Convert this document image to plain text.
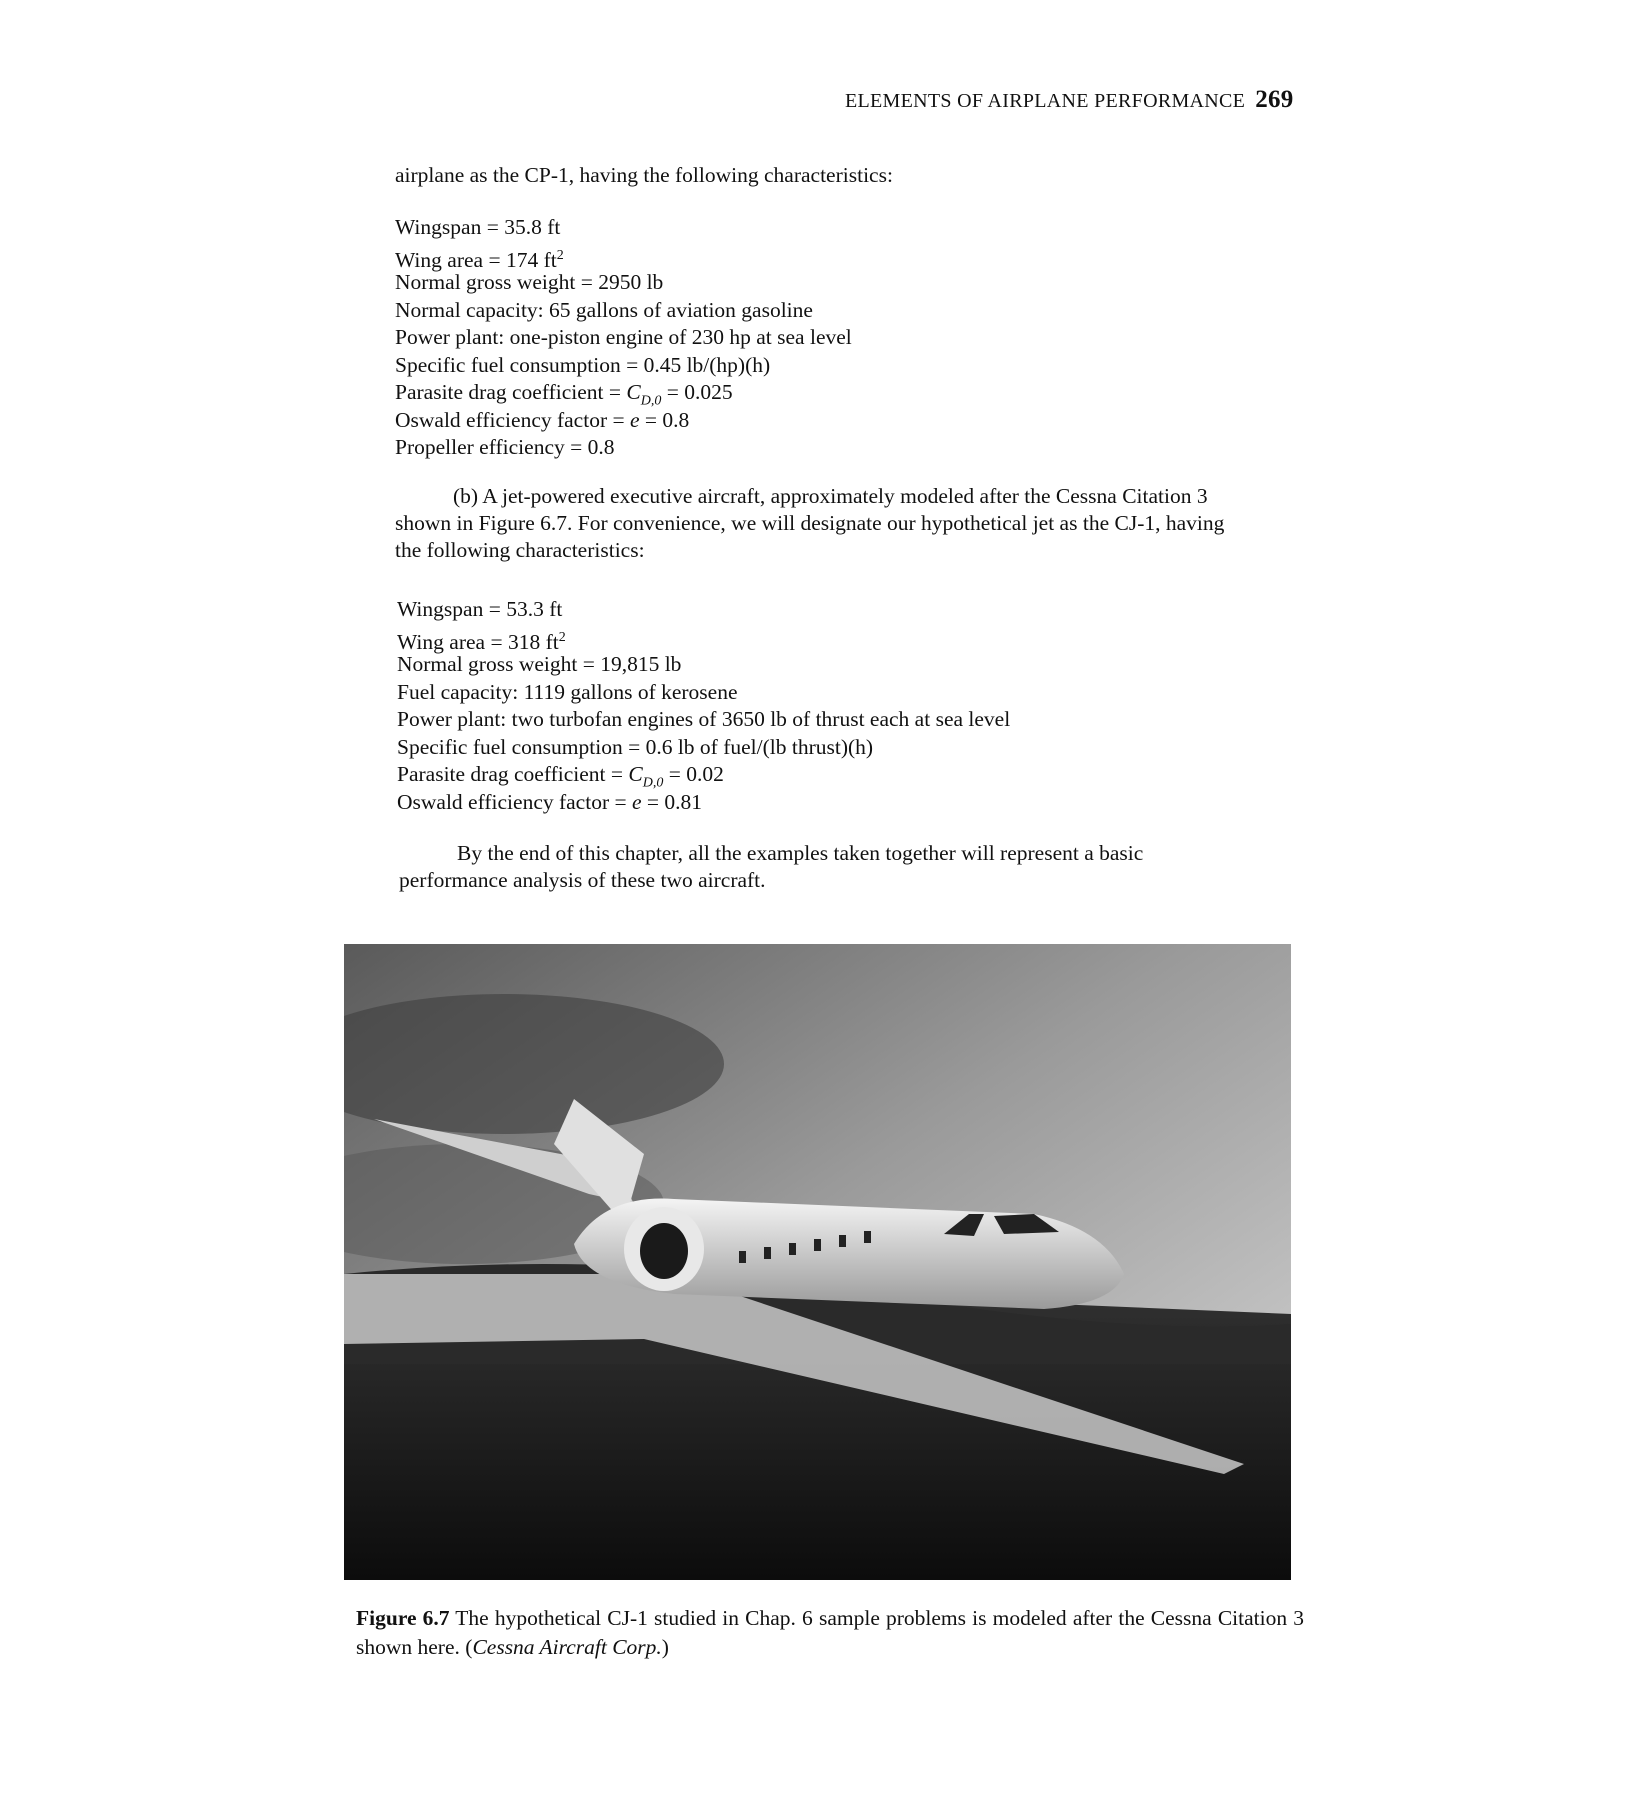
ELEMENTS OF AIRPLANE PERFORMANCE 269
airplane as the CP-1, having the following characteristics:
Wingspan = 35.8 ft
Wing area = 174 $ft^2$
Normal gross weight = 2950 lb
Normal capacity: 65 gallons of aviation gasoline
Power plant: one-piston engine of 230 hp at sea level
Specific fuel consumption = 0.45 lb/(hp)(h)
Parasite drag coefficient = $C_{D,0} = 0.025$
Oswald efficiency factor = e = 0.8
Propeller efficiency = 0.8
(b) A jet-powered executive aircraft, approximately modeled after the Cessna Citation 3
shown in Figure 6.7. For convenience, we will designate our hypothetical jet as the CJ-1, having
the following characteristics:
Wingspan = 53.3 ft
Wing area = 318 $ft^2$
Normal gross weight = 19,815 lb
Fuel capacity: 1119 gallons of kerosene
Power plant: two turbofan engines of 3650 lb of thrust each at sea level
Specific fuel consumption = 0.6 lb of fuel/(lb thrust)(h)
Parasite drag coefficient = $C_{D,0} = 0.02$
Oswald efficiency factor = e = 0.81
By the end of this chapter, all the examples taken together will represent a basic
performance analysis of these two aircraft.
Figure 6.7 The hypothetical CJ-1 studied in Chap. 6 sample problems is modeled after the Cessna Citation 3 shown here. (Cessna Aircraft Corp.)
